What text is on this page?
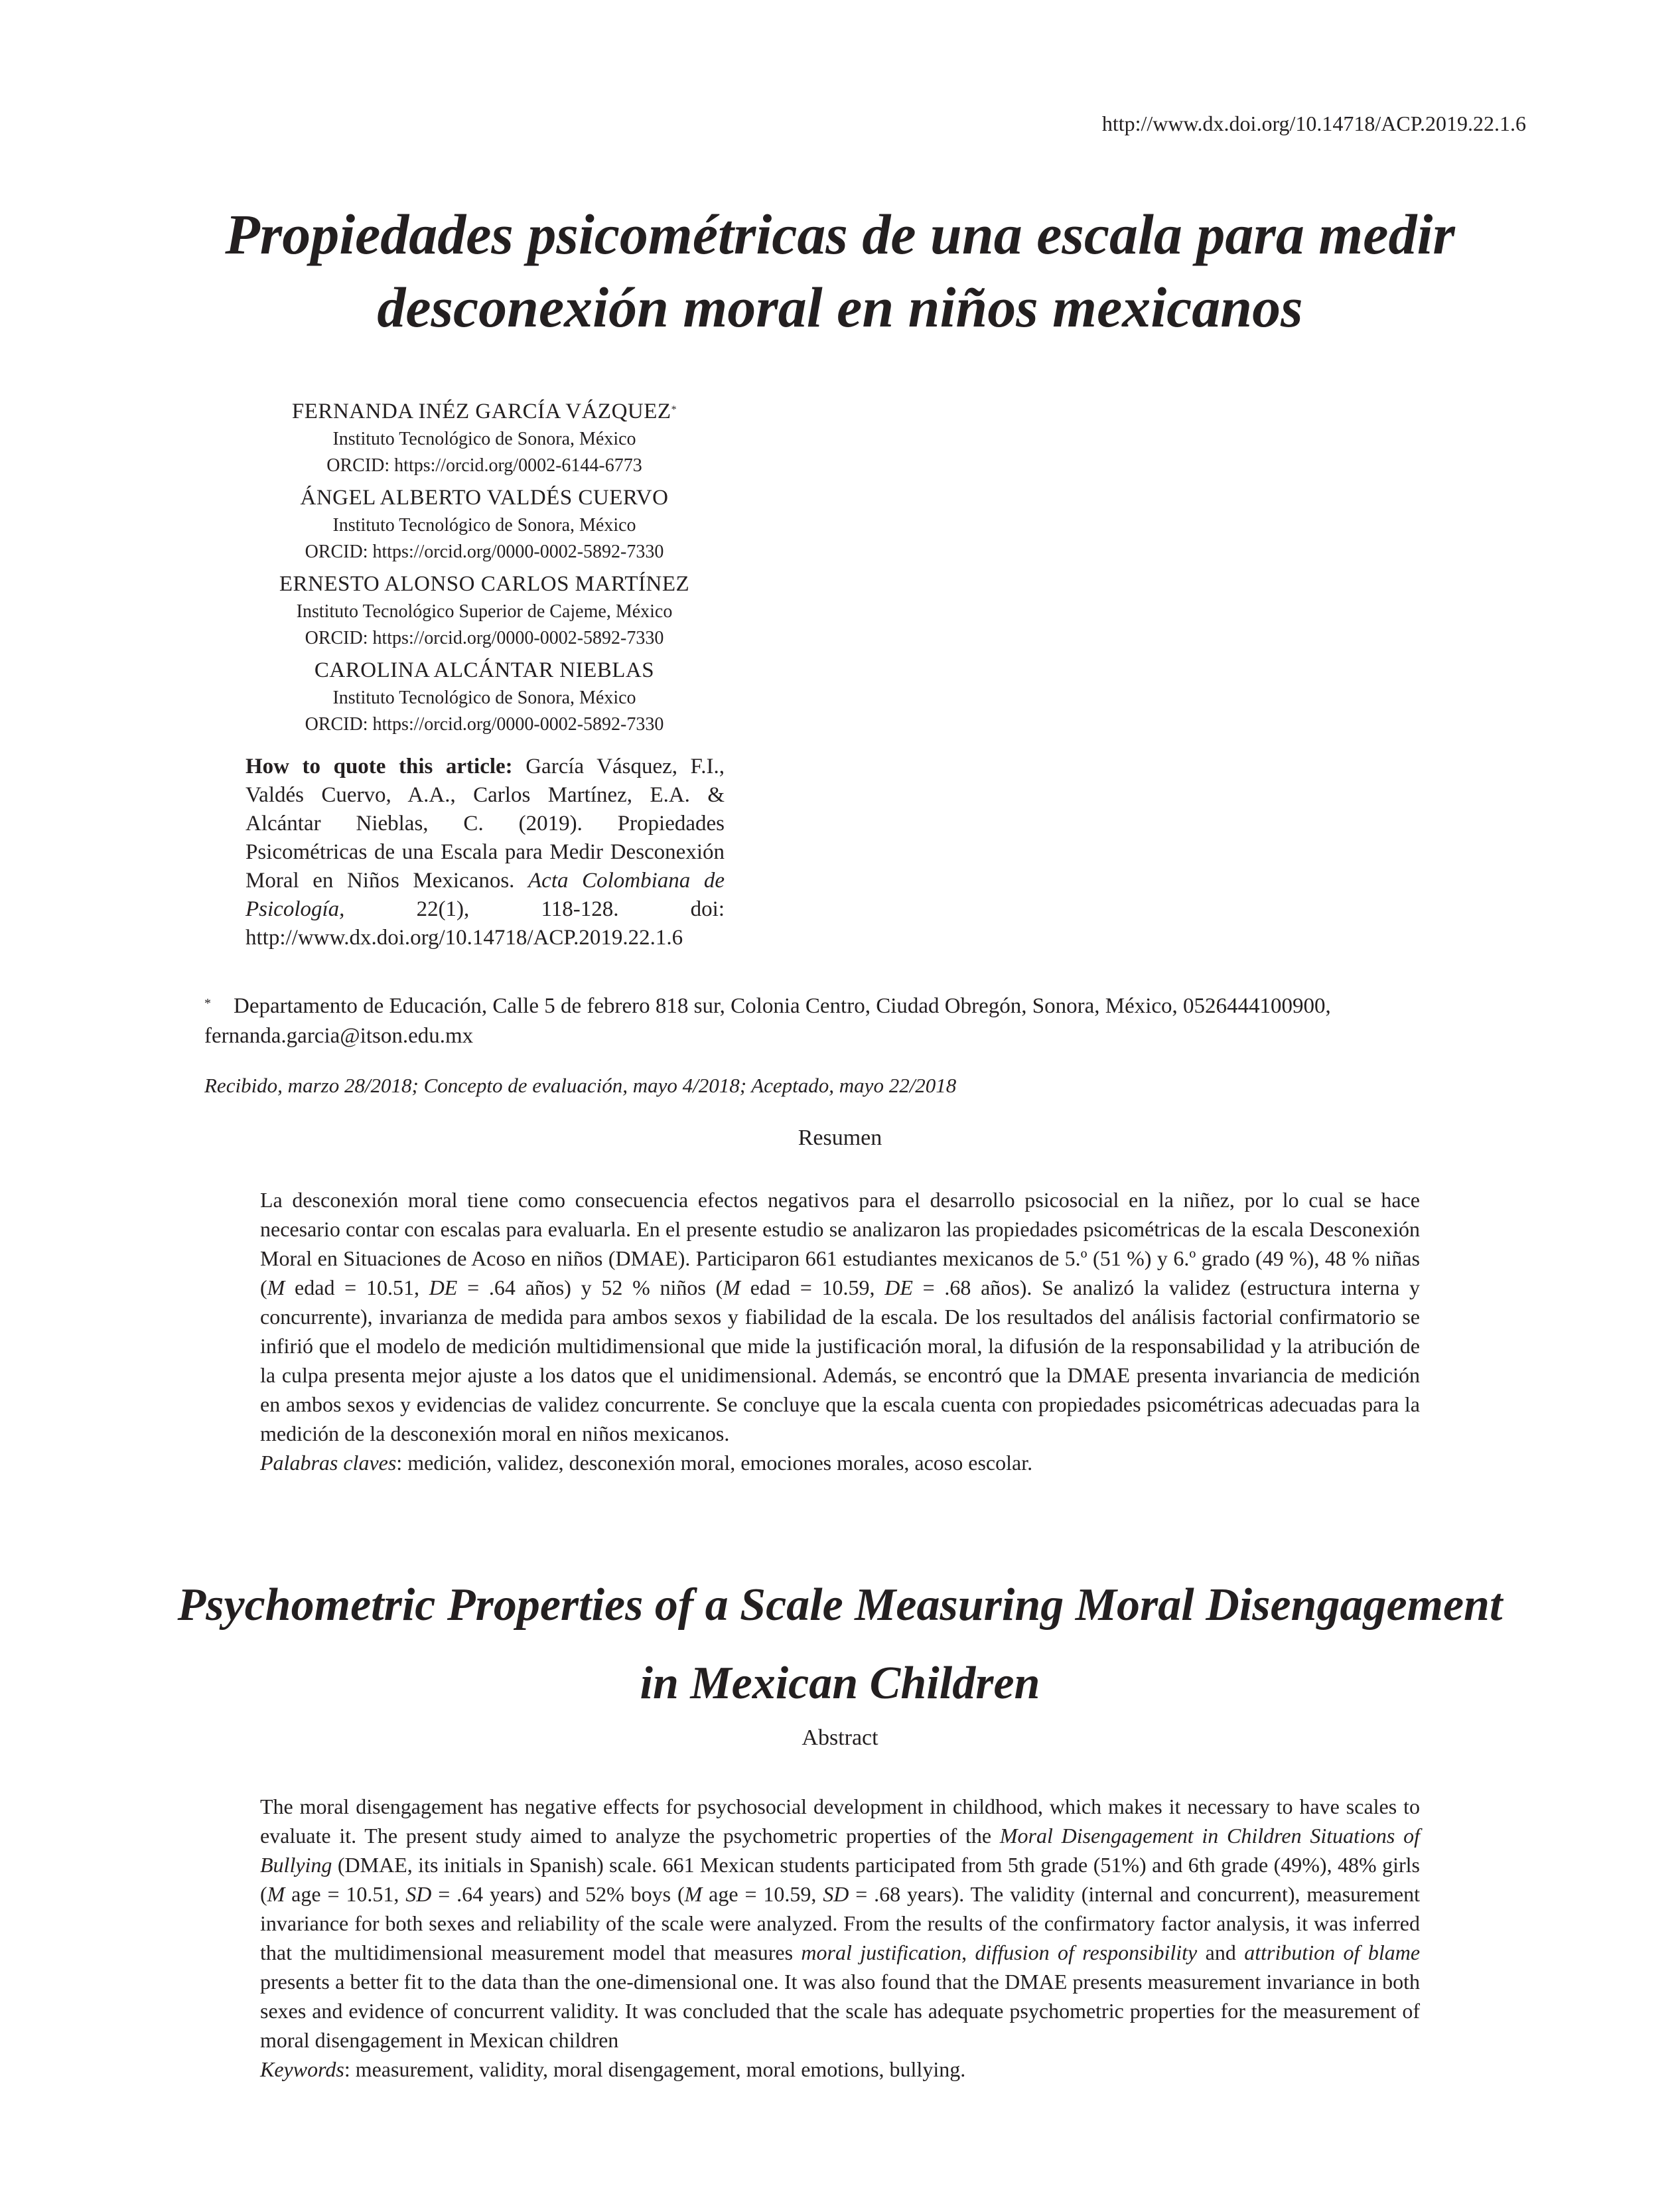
http://www.dx.doi.org/10.14718/ACP.2019.22.1.6
Propiedades psicométricas de una escala para medir
desconexión moral en niños mexicanos
FERNANDA INÉZ GARCÍA VÁZQUEZ*
Instituto Tecnológico de Sonora, México
ORCID: https://orcid.org/0002-6144-6773
ÁNGEL ALBERTO VALDÉS CUERVO
Instituto Tecnológico de Sonora, México
ORCID: https://orcid.org/0000-0002-5892-7330
ERNESTO ALONSO CARLOS MARTÍNEZ
Instituto Tecnológico Superior de Cajeme, México
ORCID: https://orcid.org/0000-0002-5892-7330
CAROLINA ALCÁNTAR NIEBLAS
Instituto Tecnológico de Sonora, México
ORCID: https://orcid.org/0000-0002-5892-7330
How to quote this article: García Vásquez, F.I., Valdés Cuervo, A.A., Carlos Martínez, E.A. & Alcántar Nieblas, C. (2019). Propiedades Psicométricas de una Escala para Medir Desconexión Moral en Niños Mexicanos. Acta Colombiana de Psicología, 22(1), 118-128. doi: http://www.dx.doi.org/10.14718/ACP.2019.22.1.6
* Departamento de Educación, Calle 5 de febrero 818 sur, Colonia Centro, Ciudad Obregón, Sonora, México, 0526444100900, fernanda.garcia@itson.edu.mx
Recibido, marzo 28/2018; Concepto de evaluación, mayo 4/2018; Aceptado, mayo 22/2018
Resumen
La desconexión moral tiene como consecuencia efectos negativos para el desarrollo psicosocial en la niñez, por lo cual se hace necesario contar con escalas para evaluarla. En el presente estudio se analizaron las propiedades psicométricas de la escala Desconexión Moral en Situaciones de Acoso en niños (DMAE). Participaron 661 estudiantes mexicanos de 5.º (51 %) y 6.º grado (49 %), 48 % niñas (M edad = 10.51, DE = .64 años) y 52 % niños (M edad = 10.59, DE = .68 años). Se analizó la validez (estructura interna y concurrente), invarianza de medida para ambos sexos y fiabilidad de la escala. De los resultados del análisis factorial confirmatorio se infirió que el modelo de medición multidimensional que mide la justificación moral, la difusión de la responsabilidad y la atribución de la culpa presenta mejor ajuste a los datos que el unidimensional. Además, se encontró que la DMAE presenta invariancia de medición en ambos sexos y evidencias de validez concurrente. Se concluye que la escala cuenta con propiedades psicométricas adecuadas para la medición de la desconexión moral en niños mexicanos.
Palabras claves: medición, validez, desconexión moral, emociones morales, acoso escolar.
Psychometric Properties of a Scale Measuring Moral Disengagement
in Mexican Children
Abstract
The moral disengagement has negative effects for psychosocial development in childhood, which makes it necessary to have scales to evaluate it. The present study aimed to analyze the psychometric properties of the Moral Disengagement in Children Situations of Bullying (DMAE, its initials in Spanish) scale. 661 Mexican students participated from 5th grade (51%) and 6th grade (49%), 48% girls (M age = 10.51, SD = .64 years) and 52% boys (M age = 10.59, SD = .68 years). The validity (internal and concurrent), measurement invariance for both sexes and reliability of the scale were analyzed. From the results of the confirmatory factor analysis, it was inferred that the multidimensional measurement model that measures moral justification, diffusion of responsibility and attribution of blame presents a better fit to the data than the one-dimensional one. It was also found that the DMAE presents measurement invariance in both sexes and evidence of concurrent validity. It was concluded that the scale has adequate psychometric properties for the measurement of moral disengagement in Mexican children
Keywords: measurement, validity, moral disengagement, moral emotions, bullying.
